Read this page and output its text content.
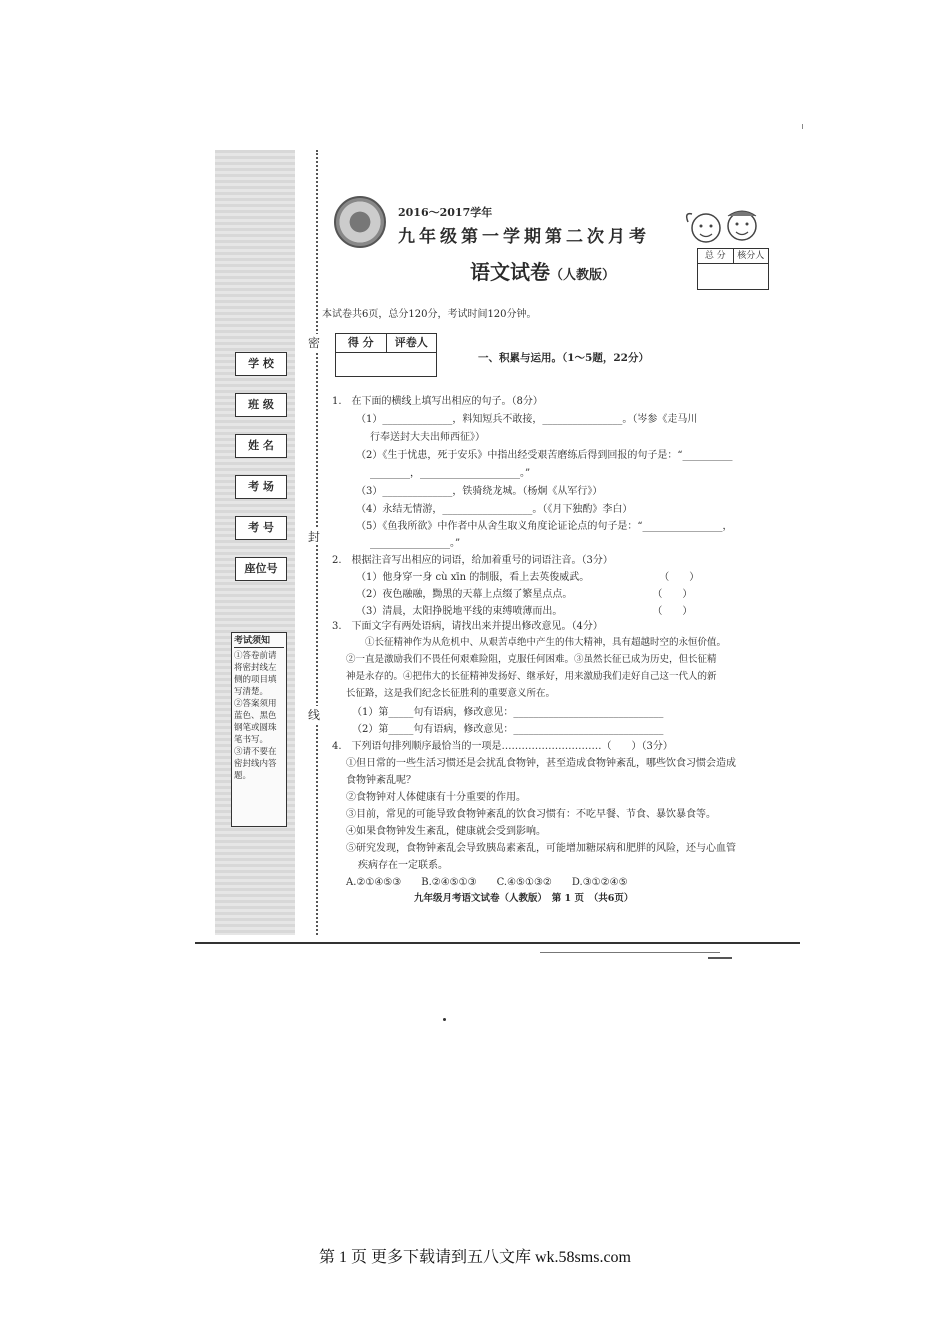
密
封
线
学 校
班 级
姓 名
考 场
考 号
座位号
考试须知
①答卷前请将密封线左侧的项目填写清楚。
②答案须用蓝色、黑色钢笔或圆珠笔书写。
③请不要在密封线内答题。
2016～2017学年
九年级第一学期第二次月考
语文试卷（人教版）
总 分	核分人
本试卷共6页，总分120分，考试时间120分钟。
得 分	评卷人
一、积累与运用。（1～5题，22分）
1.　在下面的横线上填写出相应的句子。（8分）
（1）______________，料知短兵不敢接，________________。（岑参《走马川
行奉送封大夫出师西征》）
（2）《生于忧患，死于安乐》中指出经受艰苦磨练后得到回报的句子是：“__________
________，____________________。”
（3）______________，铁骑绕龙城。（杨炯《从军行》）
（4）永结无情游，__________________。（《月下独酌》李白）
（5）《鱼我所欲》中作者中从舍生取义角度论证论点的句子是：“________________，
________________。”
2.　根据注音写出相应的词语，给加着重号的词语注音。（3分）
（1）他身穿一身 cù xīn 的制服，看上去英俊威武。　　　　　　　　（　　）
（2）夜色融融，黝黑的天幕上点缀了繁星点点。　　　　　　　　　（　　）
（3）清晨，太阳挣脱地平线的束缚喷薄而出。　　　　　　　　　　（　　）
3.　下面文字有两处语病，请找出来并提出修改意见。（4分）
　　①长征精神作为从危机中、从艰苦卓绝中产生的伟大精神，具有超越时空的永恒价值。
②一直是激励我们不畏任何艰难险阻，克服任何困难。③虽然长征已成为历史，但长征精
神是永存的。④把伟大的长征精神发扬好、继承好，用来激励我们走好自己这一代人的新
长征路，这是我们纪念长征胜利的重要意义所在。
（1）第_____句有语病，修改意见：______________________________
（2）第_____句有语病，修改意见：______________________________
4.　下列语句排列顺序最恰当的一项是…………………………（　　）（3分）
①但日常的一些生活习惯还是会扰乱食物钟，甚至造成食物钟紊乱，哪些饮食习惯会造成
食物钟紊乱呢？
②食物钟对人体健康有十分重要的作用。
③目前，常见的可能导致食物钟紊乱的饮食习惯有：不吃早餐、节食、暴饮暴食等。
④如果食物钟发生紊乱，健康就会受到影响。
⑤研究发现，食物钟紊乱会导致胰岛素紊乱，可能增加糖尿病和肥胖的风险，还与心血管
疾病存在一定联系。
A.②①④⑤③　　B.②④⑤①③　　C.④⑤①③②　　D.③①②④⑤
九年级月考语文试卷（人教版）　第 1 页　（共6页）
第 1 页 更多下载请到五八文库 wk.58sms.com
